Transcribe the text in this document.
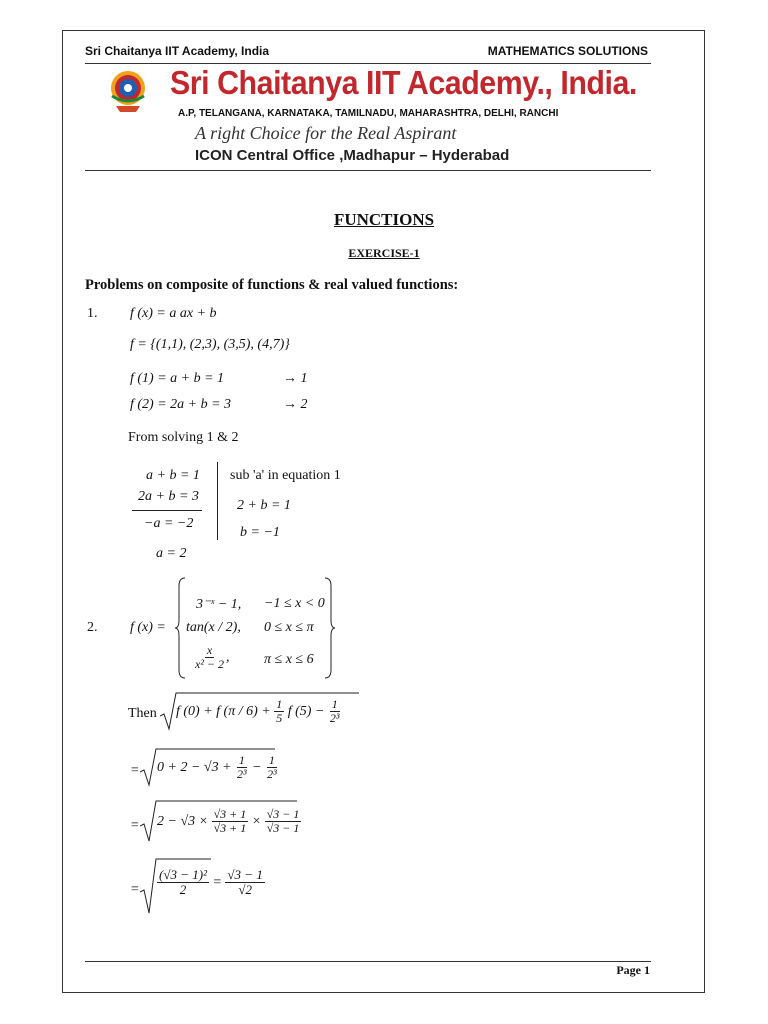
Sri Chaitanya IIT Academy, India	MATHEMATICS SOLUTIONS
Sri Chaitanya IIT Academy., India.
A.P, TELANGANA, KARNATAKA, TAMILNADU, MAHARASHTRA, DELHI, RANCHI
A right Choice for the Real Aspirant
ICON Central Office ,Madhapur – Hyderabad
FUNCTIONS
EXERCISE-1
Problems on composite of functions & real valued functions:
1. f (x) = a ax + b
f = {(1,1), (2,3), (3,5), (4,7)}
f (1) = a + b = 1	→ 1
f (2) = 2a + b = 3	→ 2
From solving 1 & 2
a + b = 1
2a + b = 3
−a = −2
a = 2
sub 'a' in equation 1
2 + b = 1
b = −1
2. f (x) =
3⁻ˣ − 1, −1 ≤ x < 0
tan(x / 2), 0 ≤ x ≤ π
$\frac{x}{\text{x² − 2}}$ , π ≤ x ≤ 6
Then f (0) + f $(\pi / 6) + \frac{1}{5}$ f $(5) - \frac{1}{\text{2³}}$
= $0 + 2 - √3 + \frac{1}{\text{2³}} - \frac{1}{\text{2³}}$
= $2 - √3 \times \frac{√3 + 1}{√3 + 1} \times \frac{√3 - 1}{√3 - 1}$
= $\frac{\text{(√3 − 1)²}}{2} = \frac{√3 - 1}{√2}$
Page 1
